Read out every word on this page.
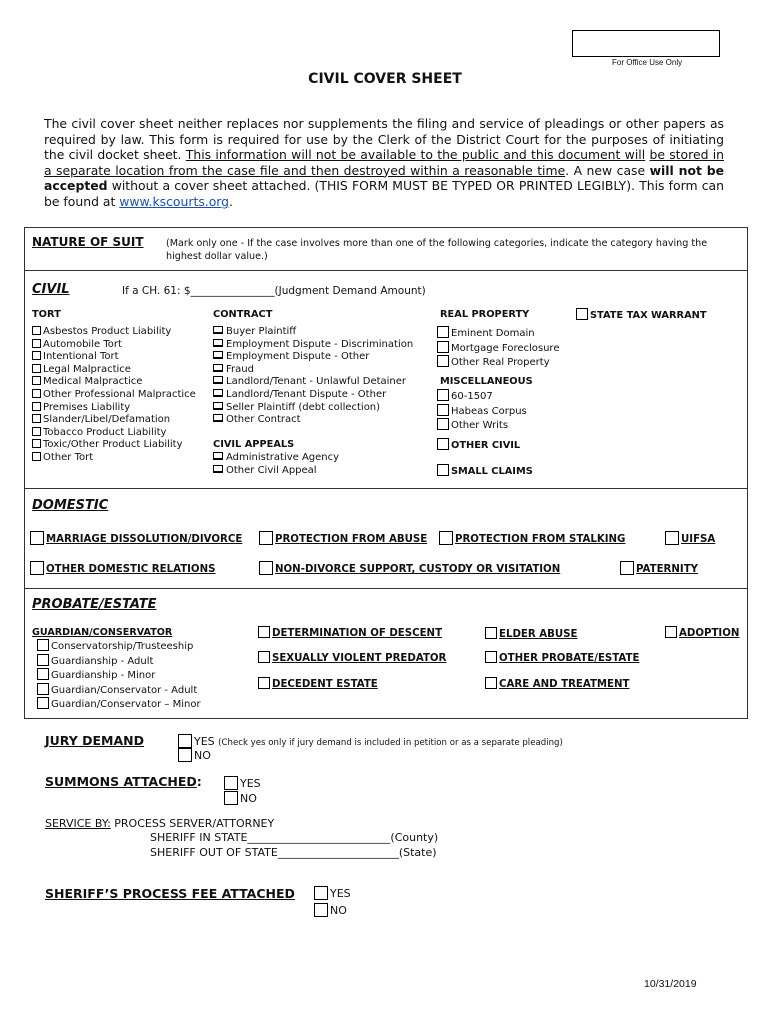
For Office Use Only
CIVIL COVER SHEET
The civil cover sheet neither replaces nor supplements the filing and service of pleadings or other papers as required by law. This form is required for use by the Clerk of the District Court for the purposes of initiating the civil docket sheet. This information will not be available to the public and this document will be stored in a separate location from the case file and then destroyed within a reasonable time. A new case will not be accepted without a cover sheet attached. (THIS FORM MUST BE TYPED OR PRINTED LEGIBLY). This form can be found at www.kscourts.org.
NATURE OF SUIT (Mark only one - If the case involves more than one of the following categories, indicate the category having the highest dollar value.)
CIVIL	If a CH. 61: $________________(Judgment Demand Amount)
TORT
Asbestos Product Liability
Automobile Tort
Intentional Tort
Legal Malpractice
Medical Malpractice
Other Professional Malpractice
Premises Liability
Slander/Libel/Defamation
Tobacco Product Liability
Toxic/Other Product Liability
Other Tort
CONTRACT
Buyer Plaintiff
Employment Dispute - Discrimination
Employment Dispute - Other
Fraud
Landlord/Tenant - Unlawful Detainer
Landlord/Tenant Dispute - Other
Seller Plaintiff (debt collection)
Other Contract
CIVIL APPEALS
Administrative Agency
Other Civil Appeal
REAL PROPERTY
Eminent Domain
Mortgage Foreclosure
Other Real Property
MISCELLANEOUS
60-1507
Habeas Corpus
Other Writs
OTHER CIVIL
SMALL CLAIMS
STATE TAX WARRANT
DOMESTIC
MARRIAGE DISSOLUTION/DIVORCE	PROTECTION FROM ABUSE	PROTECTION FROM STALKING	UIFSA
OTHER DOMESTIC RELATIONS	NON-DIVORCE SUPPORT, CUSTODY OR VISITATION	PATERNITY
PROBATE/ESTATE
GUARDIAN/CONSERVATOR
Conservatorship/Trusteeship
Guardianship - Adult
Guardianship - Minor
Guardian/Conservator - Adult
Guardian/Conservator – Minor
DETERMINATION OF DESCENT	ELDER ABUSE	ADOPTION
SEXUALLY VIOLENT PREDATOR	OTHER PROBATE/ESTATE
DECEDENT ESTATE	CARE AND TREATMENT
JURY DEMAND	YES (Check yes only if jury demand is included in petition or as a separate pleading)
NO
SUMMONS ATTACHED:	YES
NO
SERVICE BY: PROCESS SERVER/ATTORNEY
SHERIFF IN STATE__________________________(County)
SHERIFF OUT OF STATE______________________(State)
SHERIFF’S PROCESS FEE ATTACHED	YES
NO
10/31/2019
